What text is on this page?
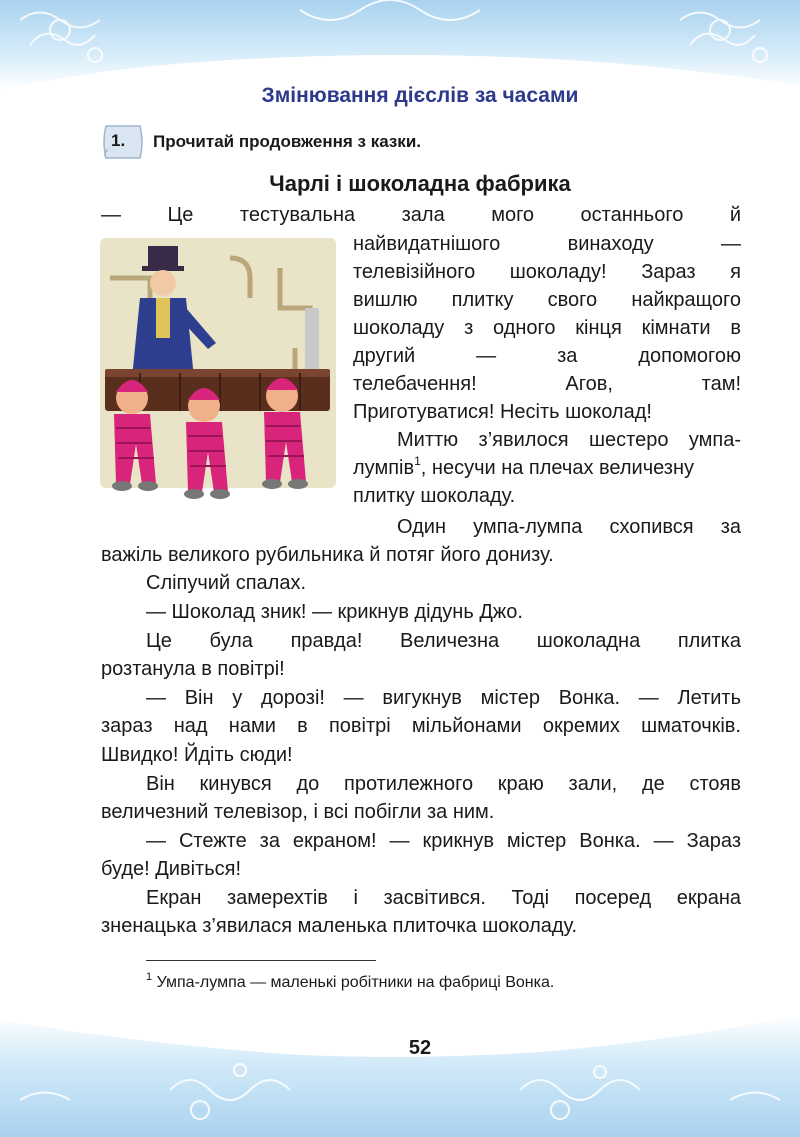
Змінювання дієслів за часами
1. Прочитай продовження з казки.
Чарлі і шоколадна фабрика
— Це тестувальна зала мого останнього й
найвидатнішого винаходу —
телевізійного шоколаду! Зараз я
вишлю плитку свого найкращого
шоколаду з одного кінця кімнати в
другий — за допомогою
телебачення! Агов, там!
Приготуватися! Несіть шоколад!
Миттю з’явилося шестеро умпа-
лумпів$^1$, несучи на плечах величезну
плитку шоколаду.
Один умпа-лумпа схопився за
важіль великого рубильника й потяг його донизу.
Сліпучий спалах.
— Шоколад зник! — крикнув дідунь Джо.
Це була правда! Величезна шоколадна плитка
розтанула в повітрі!
— Він у дорозі! — вигукнув містер Вонка. — Летить
зараз над нами в повітрі мільйонами окремих шматочків.
Швидко! Йдіть сюди!
Він кинувся до протилежного краю зали, де стояв
величезний телевізор, і всі побігли за ним.
— Стежте за екраном! — крикнув містер Вонка. — Зараз
буде! Дивіться!
Екран замерехтів і засвітився. Тоді посеред екрана
зненацька з’явилася маленька плиточка шоколаду.
$^1$ Умпа-лумпа — маленькі робітники на фабриці Вонка.
52
